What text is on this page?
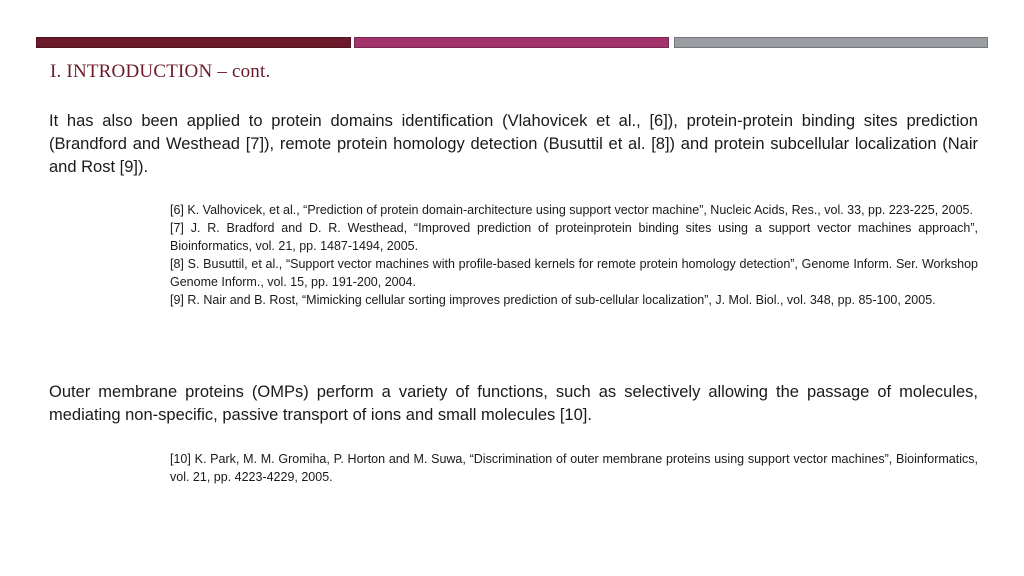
I. INTRODUCTION – cont.

It has also been applied to protein domains identification (Vlahovicek et al., [6]), protein-protein binding sites prediction (Brandford and Westhead [7]), remote protein homology detection (Busuttil et al. [8]) and protein subcellular localization (Nair and Rost [9]).

[6] K. Valhovicek, et al., “Prediction of protein domain-architecture using support vector machine”, Nucleic Acids, Res., vol. 33, pp. 223-225, 2005.

[7] J. R. Bradford and D. R. Westhead, “Improved prediction of proteinprotein binding sites using a support vector machines approach”, Bioinformatics, vol. 21, pp. 1487-1494, 2005.

[8] S. Busuttil, et al., “Support vector machines with profile-based kernels for remote protein homology detection”, Genome Inform. Ser. Workshop Genome Inform., vol. 15, pp. 191-200, 2004.

[9] R. Nair and B. Rost, “Mimicking cellular sorting improves prediction of sub-cellular localization”, J. Mol. Biol., vol. 348, pp. 85-100, 2005.

Outer membrane proteins (OMPs) perform a variety of functions, such as selectively allowing the passage of molecules, mediating non-specific, passive transport of ions and small molecules [10].

[10] K. Park, M. M. Gromiha, P. Horton and M. Suwa, “Discrimination of outer membrane proteins using support vector machines”, Bioinformatics, vol. 21, pp. 4223-4229, 2005.
